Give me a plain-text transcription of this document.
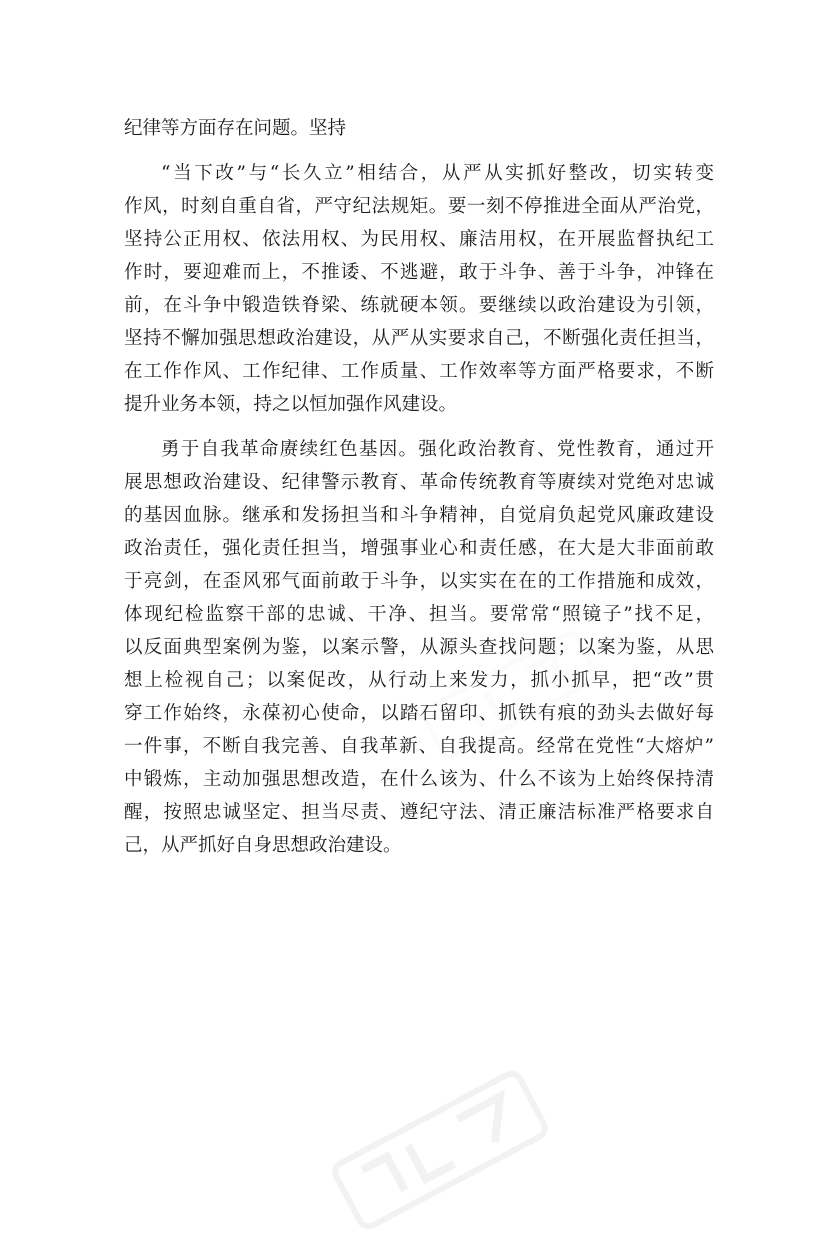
纪律等方面存在问题。坚持
“当下改”与“长久立”相结合，从严从实抓好整改，切实转变
作风，时刻自重自省，严守纪法规矩。要一刻不停推进全面从严治党，
坚持公正用权、依法用权、为民用权、廉洁用权，在开展监督执纪工
作时，要迎难而上，不推诿、不逃避，敢于斗争、善于斗争，冲锋在
前，在斗争中锻造铁脊梁、练就硬本领。要继续以政治建设为引领，
坚持不懈加强思想政治建设，从严从实要求自己，不断强化责任担当，
在工作作风、工作纪律、工作质量、工作效率等方面严格要求，不断
提升业务本领，持之以恒加强作风建设。
勇于自我革命赓续红色基因。强化政治教育、党性教育，通过开
展思想政治建设、纪律警示教育、革命传统教育等赓续对党绝对忠诚
的基因血脉。继承和发扬担当和斗争精神，自觉肩负起党风廉政建设
政治责任，强化责任担当，增强事业心和责任感，在大是大非面前敢
于亮剑，在歪风邪气面前敢于斗争，以实实在在的工作措施和成效，
体现纪检监察干部的忠诚、干净、担当。要常常“照镜子”找不足，
以反面典型案例为鉴，以案示警，从源头查找问题；以案为鉴，从思
想上检视自己；以案促改，从行动上来发力，抓小抓早，把“改”贯
穿工作始终，永葆初心使命，以踏石留印、抓铁有痕的劲头去做好每
一件事，不断自我完善、自我革新、自我提高。经常在党性“大熔炉”
中锻炼，主动加强思想改造，在什么该为、什么不该为上始终保持清
醒，按照忠诚坚定、担当尽责、遵纪守法、清正廉洁标准严格要求自
己，从严抓好自身思想政治建设。
